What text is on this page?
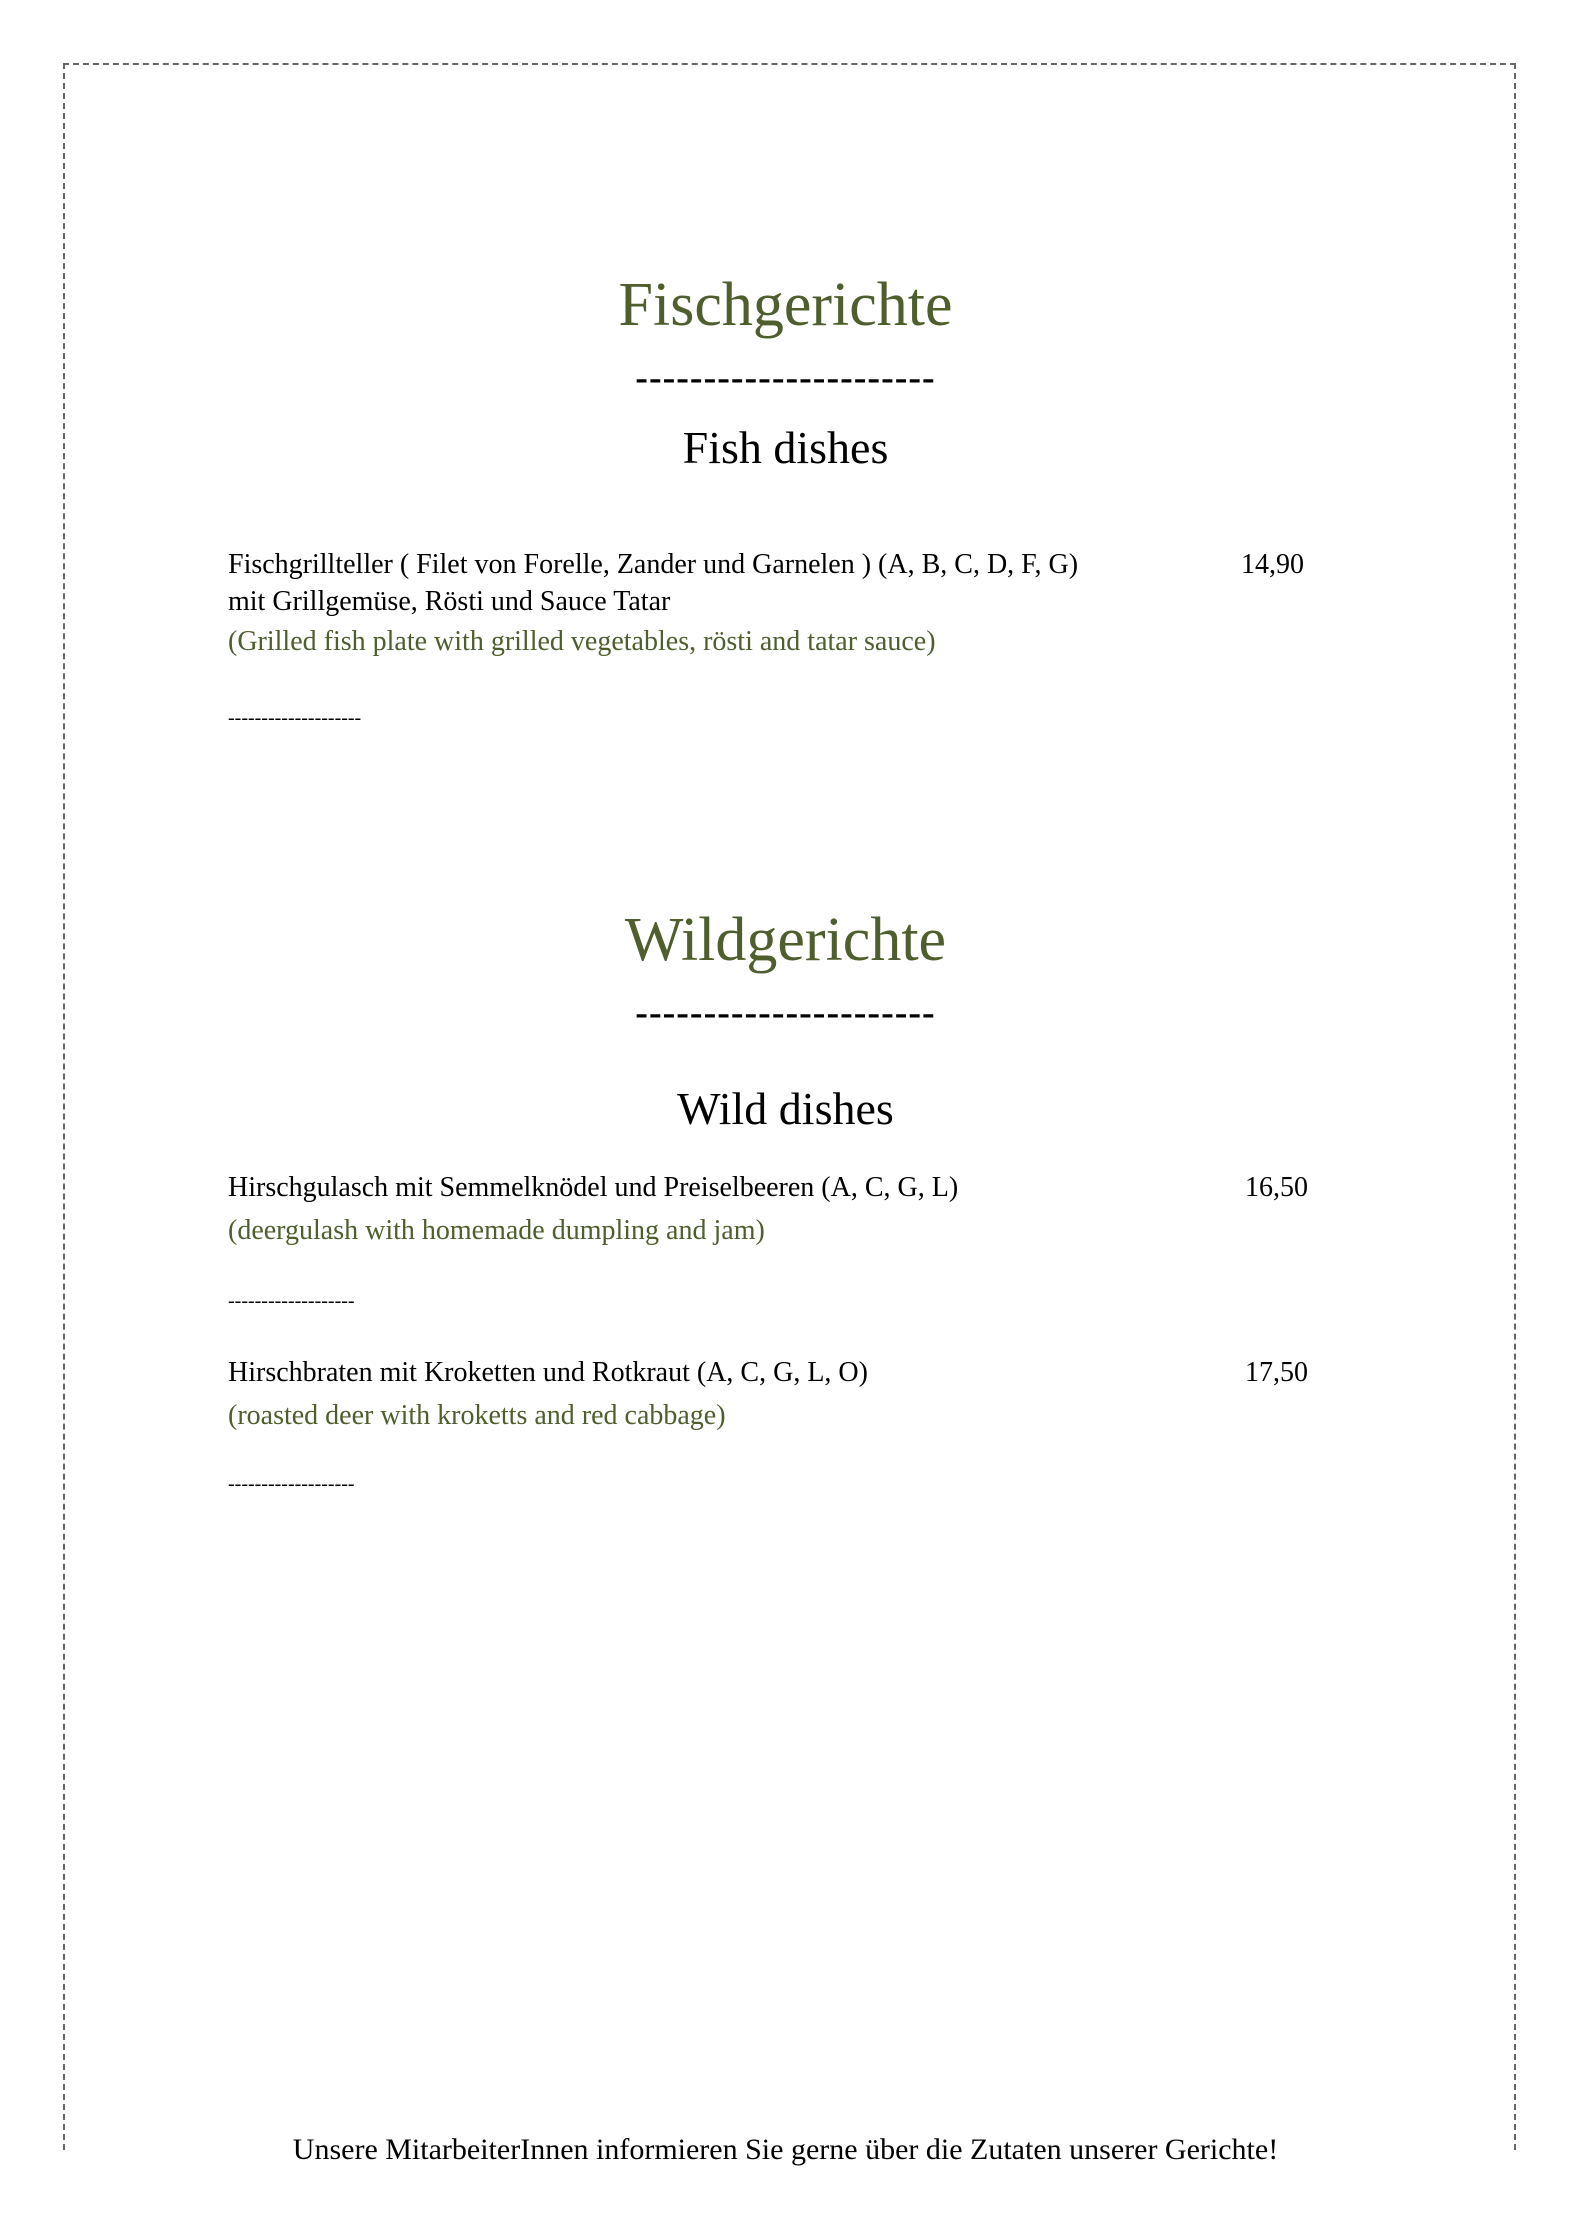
Fischgerichte
----------------------
Fish dishes
Fischgrillteller ( Filet von Forelle, Zander und Garnelen ) (A, B, C, D, F, G)	14,90
mit Grillgemüse, Rösti und Sauce Tatar
(Grilled fish plate with grilled vegetables, rösti and tatar sauce)
--------------------
Wildgerichte
----------------------
Wild dishes
Hirschgulasch mit Semmelknödel und Preiselbeeren (A, C, G, L)	16,50
(deergulash with homemade dumpling and jam)
-------------------
Hirschbraten mit Kroketten und Rotkraut (A, C, G, L, O)	17,50
(roasted deer with kroketts and red cabbage)
-------------------
Unsere MitarbeiterInnen informieren Sie gerne über die Zutaten unserer Gerichte!
